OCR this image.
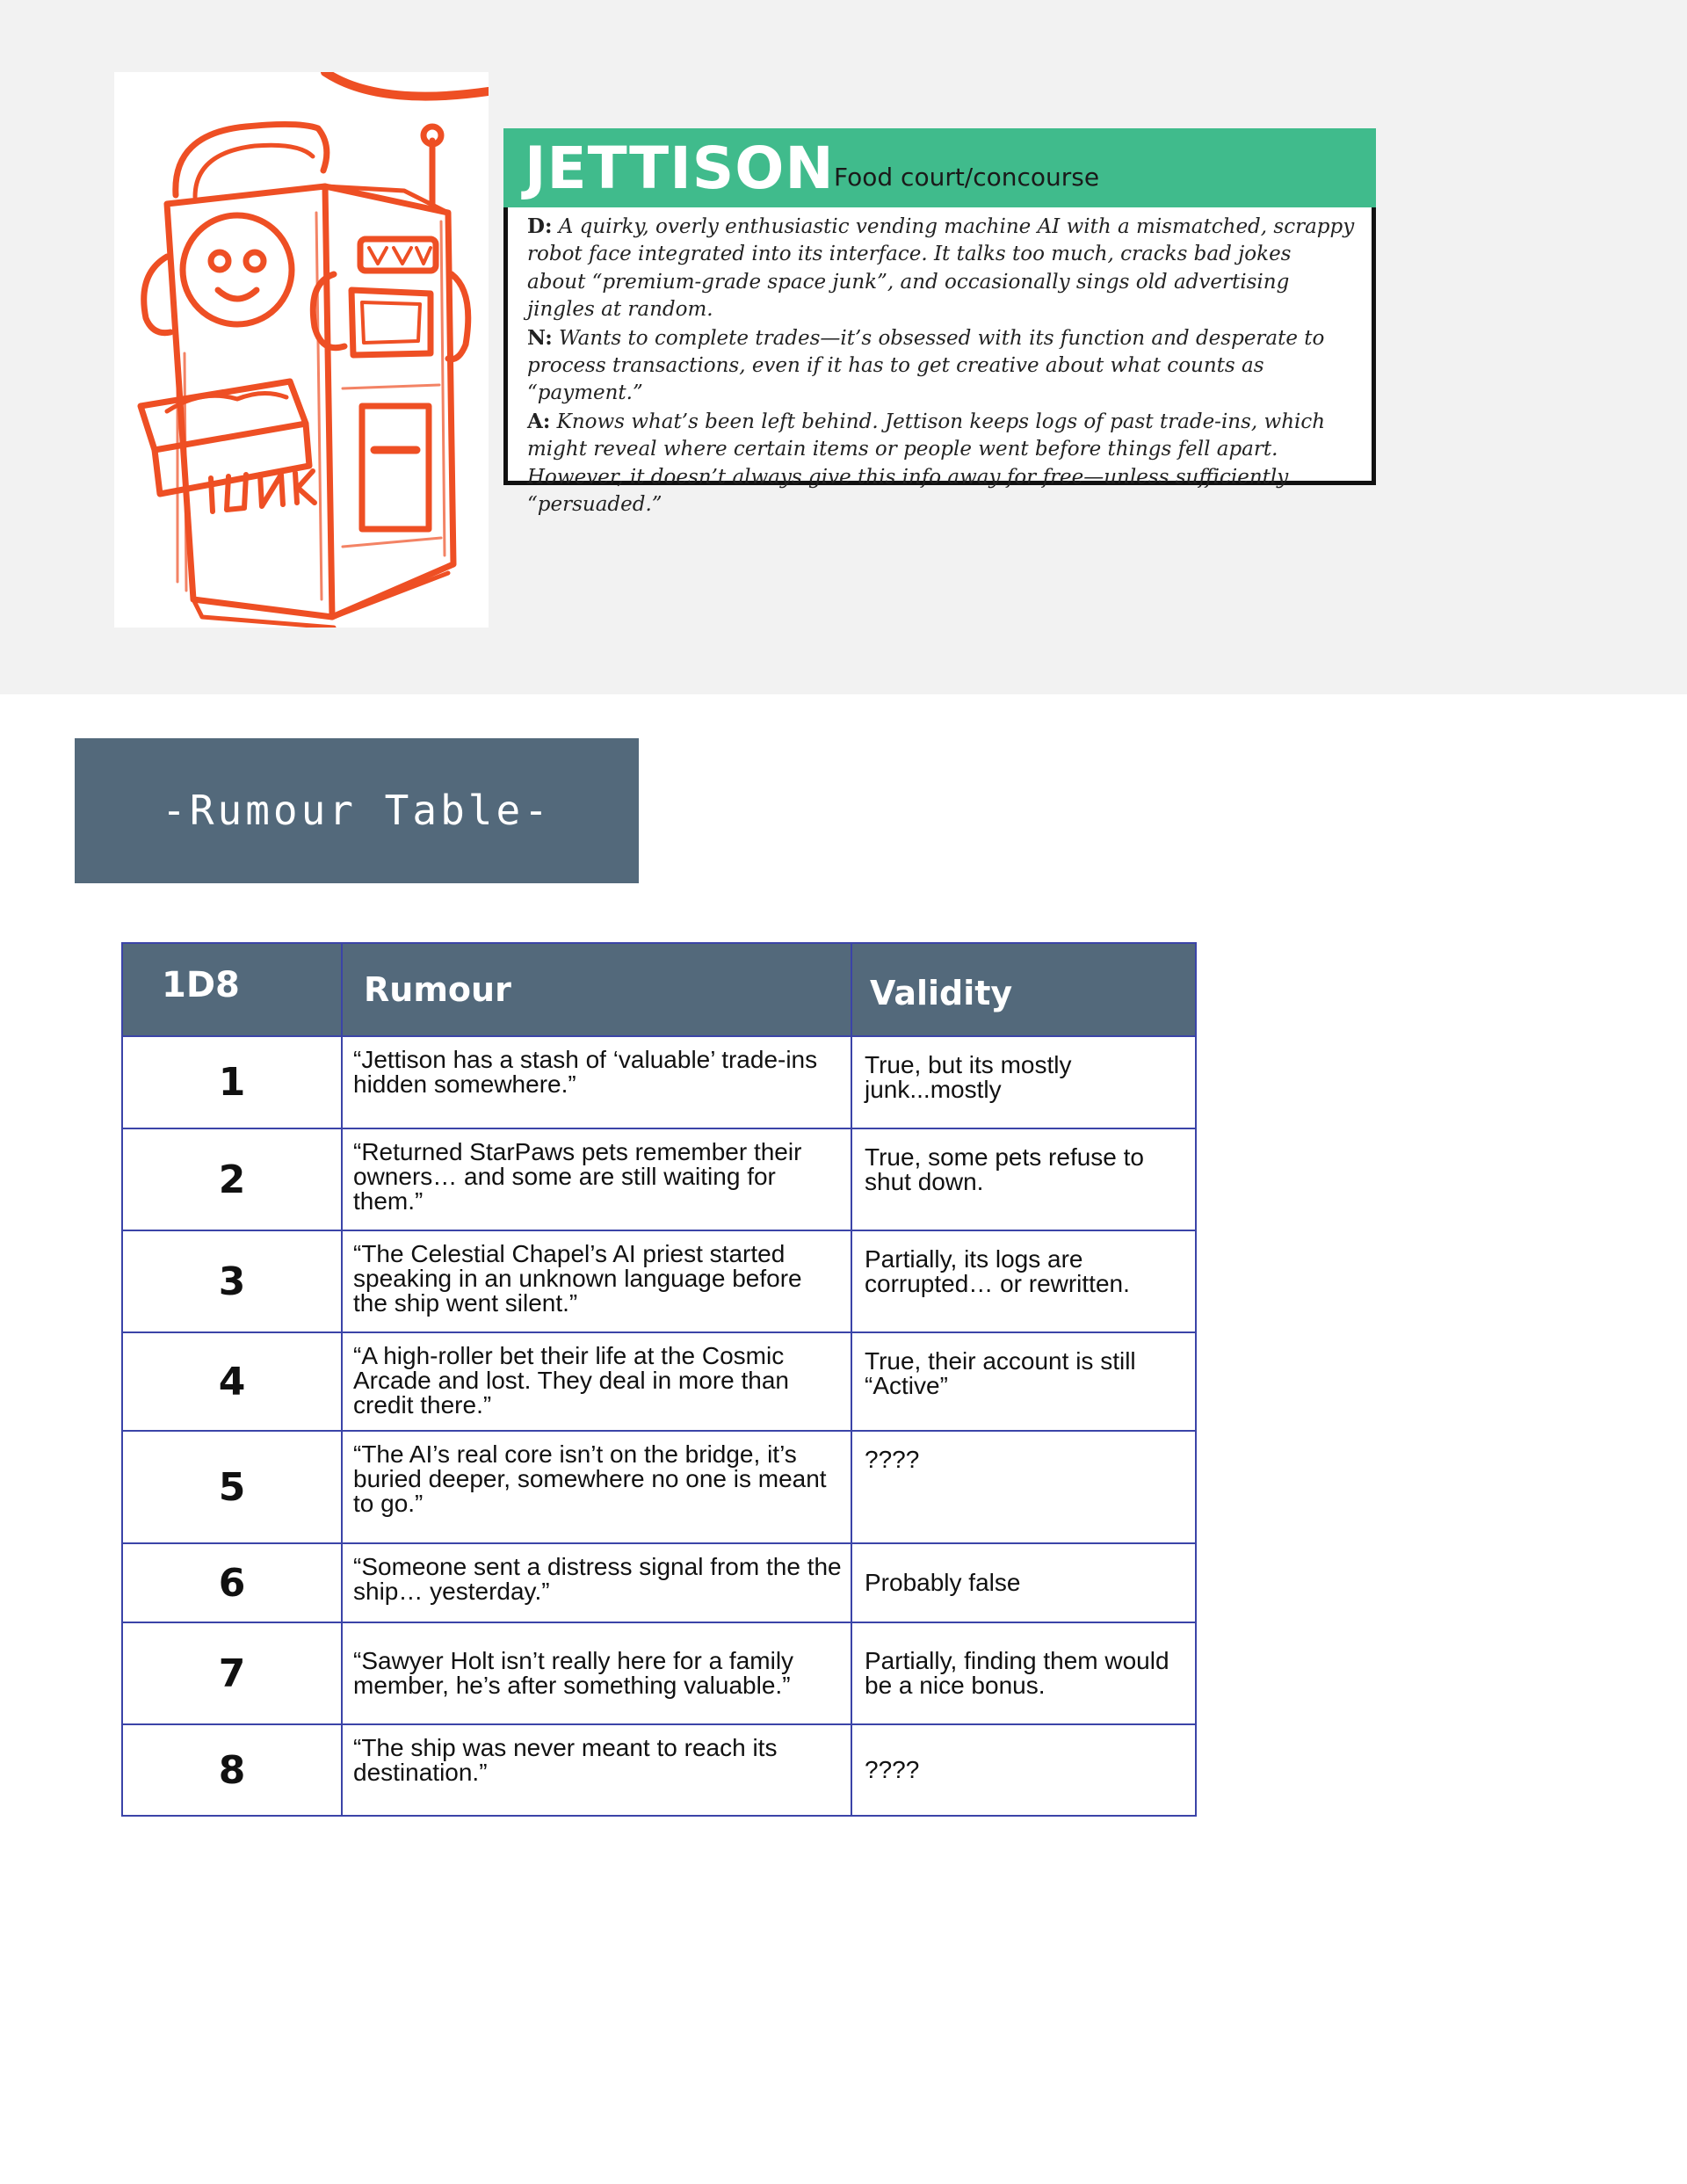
JETTISON Food court/concourse

D: A quirky, overly enthusiastic vending machine AI with a mismatched, scrappy robot face integrated into its interface. It talks too much, cracks bad jokes about “premium-grade space junk”, and occasionally sings old advertising jingles at random.

N: Wants to complete trades—it’s obsessed with its function and desperate to process transactions, even if it has to get creative about what counts as “payment.”

A: Knows what’s been left behind. Jettison keeps logs of past trade-ins, which might reveal where certain items or people went before things fell apart. However, it doesn’t always give this info away for free—unless sufficiently “persuaded.”

-Rumour Table-
1D8	Rumour	Validity
1	“Jettison has a stash of ‘valuable’ trade-ins hidden somewhere.”	True, but its mostly junk...mostly
2	“Returned StarPaws pets remember their owners… and some are still waiting for them.”	True, some pets refuse to shut down.
3	“The Celestial Chapel’s AI priest started speaking in an unknown language before the ship went silent.”	Partially, its logs are corrupted… or rewritten.
4	“A high-roller bet their life at the Cosmic Arcade and lost. They deal in more than credit there.”	True, their account is still “Active”
5	“The AI’s real core isn’t on the bridge, it’s buried deeper, somewhere no one is meant to go.”	????
6	“Someone sent a distress signal from the the ship… yesterday.”	Probably false
7	“Sawyer Holt isn’t really here for a family member, he’s after something valuable.”	Partially, finding them would be a nice bonus.
8	“The ship was never meant to reach its destination.”	????
